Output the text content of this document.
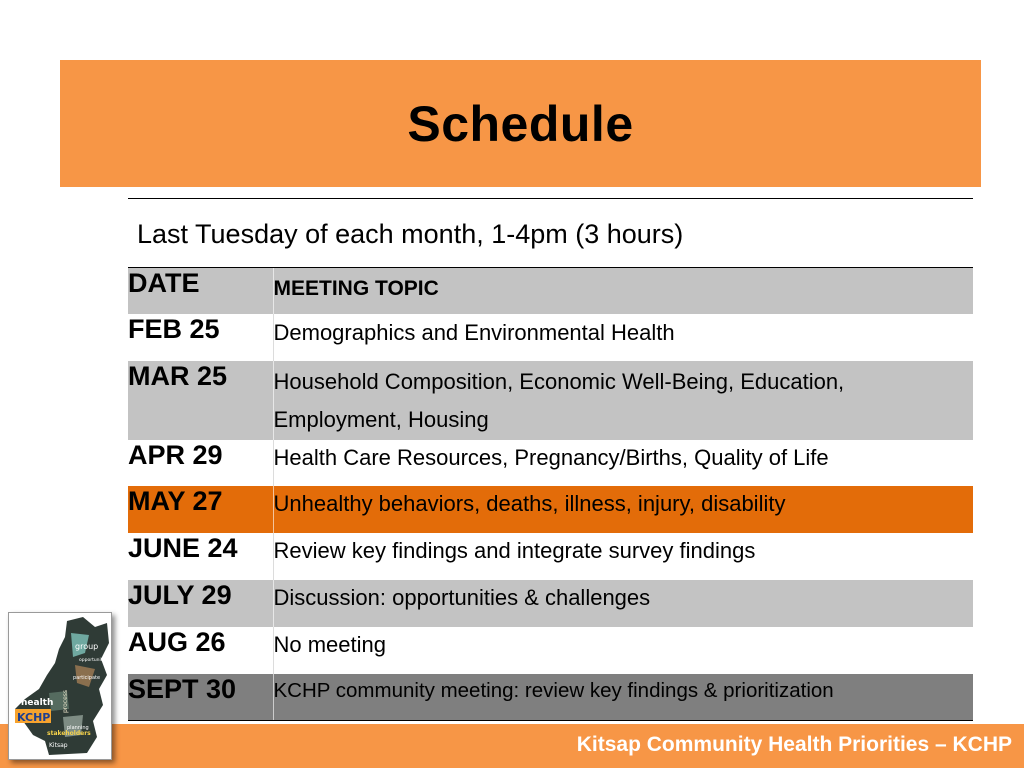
Schedule
Last Tuesday of each month, 1-4pm (3 hours)
DATE	MEETING TOPIC
FEB 25	Demographics and Environmental Health
MAR 25	Household Composition, Economic Well-Being, Education, Employment, Housing
APR 29	Health Care Resources, Pregnancy/Births, Quality of Life
MAY 27	Unhealthy behaviors, deaths, illness, injury, disability
JUNE 24	Review key findings and integrate survey findings
JULY 29	Discussion: opportunities & challenges
AUG 26	No meeting
SEPT 30	KCHP community meeting: review key findings & prioritization
Kitsap Community Health Priorities – KCHP
KCHP
health
stakeholders
Kitsap
group
process
participate
planning
opportunities
